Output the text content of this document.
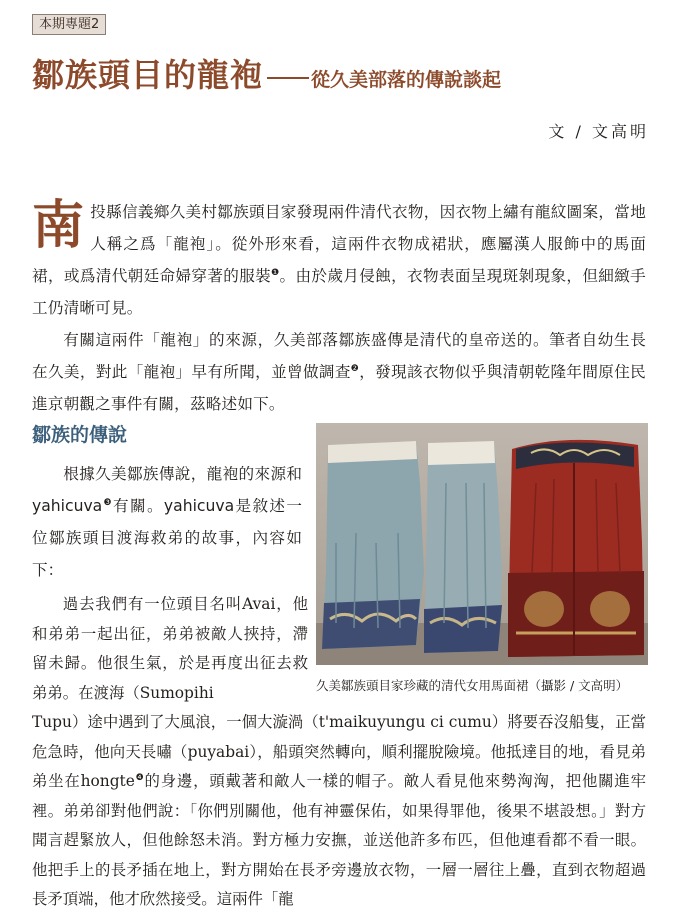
本期專題2
鄒族頭目的龍袍	從久美部落的傳說談起
文 / 文高明

南投縣信義鄉久美村鄒族頭目家發現兩件清代衣物，因衣物上繡有龍紋圖案，當地人稱之爲「龍袍」。從外形來看，這兩件衣物成裙狀，應屬漢人服飾中的馬面裙，或爲清代朝廷命婦穿著的服裝$^❶$。由於歲月侵蝕，衣物表面呈現斑剝現象，但細緻手工仍清晰可見。

有關這兩件「龍袍」的來源，久美部落鄒族盛傳是清代的皇帝送的。筆者自幼生長在久美，對此「龍袍」早有所聞，並曾做調查$^❷$，發現該衣物似乎與清朝乾隆年間原住民進京朝觀之事件有關，茲略述如下。

鄒族的傳說

根據久美鄒族傳說，龍袍的來源和yahicuva$^❸$有關。yahicuva是敘述一位鄒族頭目渡海救弟的故事，內容如下：

過去我們有一位頭目名叫Avai，他和弟弟一起出征，弟弟被敵人挾持，滯留未歸。他很生氣，於是再度出征去救弟弟。在渡海（Sumopihi

Tupu）途中遇到了大風浪，一個大漩渦（t'maikuyungu ci cumu）將要吞沒船隻，正當危急時，他向天長嘯（puyabai），船頭突然轉向，順利擺脫險境。他抵達目的地，看見弟弟坐在hongte$^❹$的身邊，頭戴著和敵人一樣的帽子。敵人看見他來勢洶洶，把他關進牢裡。弟弟卻對他們說：「你們別關他，他有神靈保佑，如果得罪他，後果不堪設想。」對方聞言趕緊放人，但他餘怒未消。對方極力安撫，並送他許多布匹，但他連看都不看一眼。他把手上的長矛插在地上，對方開始在長矛旁邊放衣物，一層一層往上疊，直到衣物超過長矛頂端，他才欣然接受。這兩件「龍

久美鄒族頭目家珍藏的清代女用馬面裙（攝影 / 文高明）
